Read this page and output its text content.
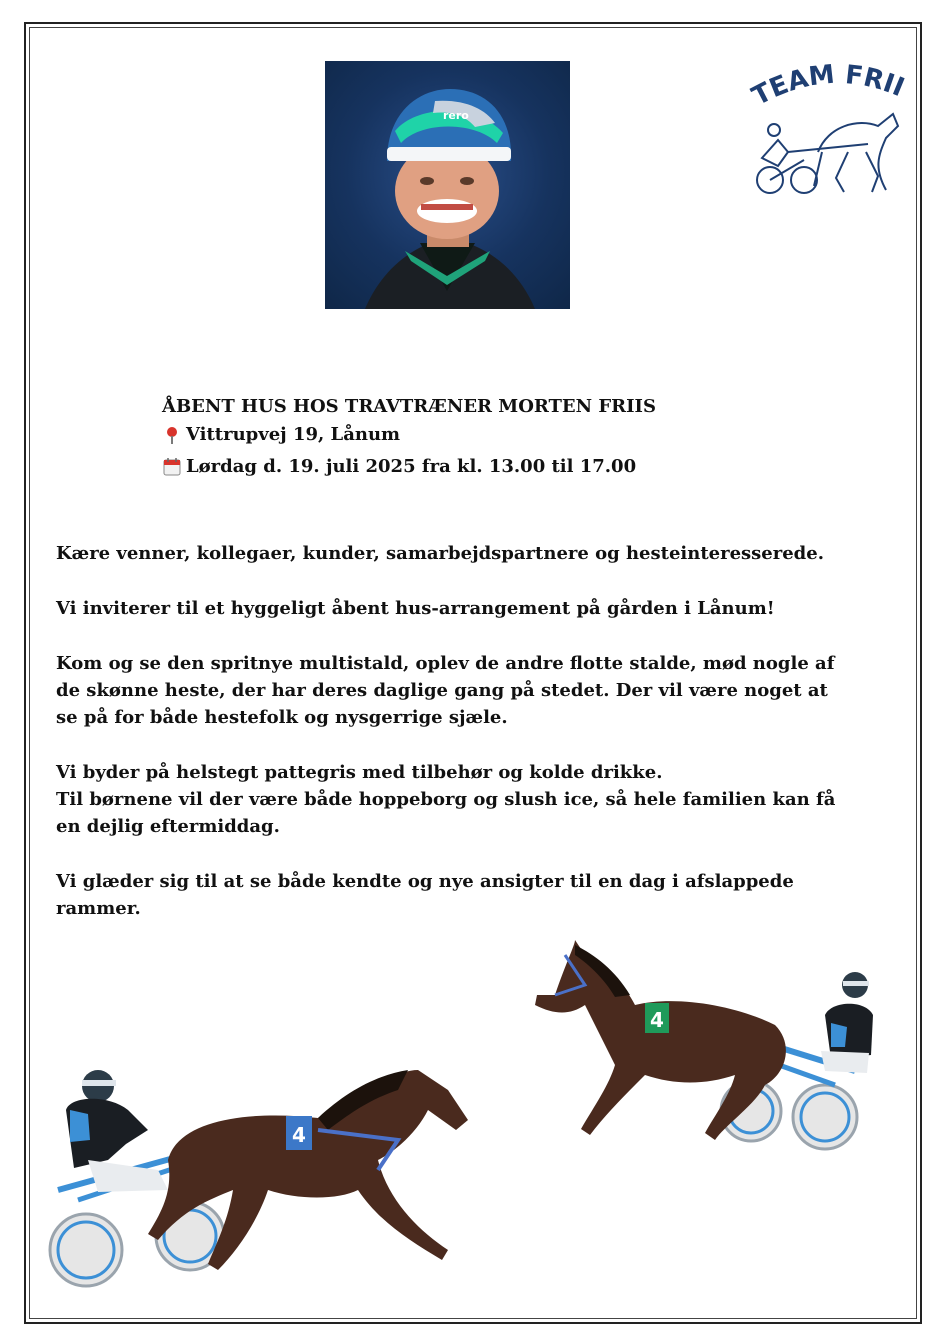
rero
TEAM FRI
ÅBENT HUS HOS TRAVTRÆNER MORTEN FRIIS
Vittrupvej 19, Lånum
Lørdag d. 19. juli 2025 fra kl. 13.00 til 17.00

Kære venner, kollegaer, kunder, samarbejdspartnere og hesteinteresserede.

Vi inviterer til et hyggeligt åbent hus-arrangement på gården i Lånum!

Kom og se den spritnye multistald, oplev de andre flotte stalde, mød nogle af

de skønne heste, der har deres daglige gang på stedet. Der vil være noget at

se på for både hestefolk og nysgerrige sjæle.

Vi byder på helstegt pattegris med tilbehør og kolde drikke.

Til børnene vil der være både hoppeborg og slush ice, så hele familien kan få

en dejlig eftermiddag.

Vi glæder sig til at se både kendte og nye ansigter til en dag i afslappede

rammer.

4
4
